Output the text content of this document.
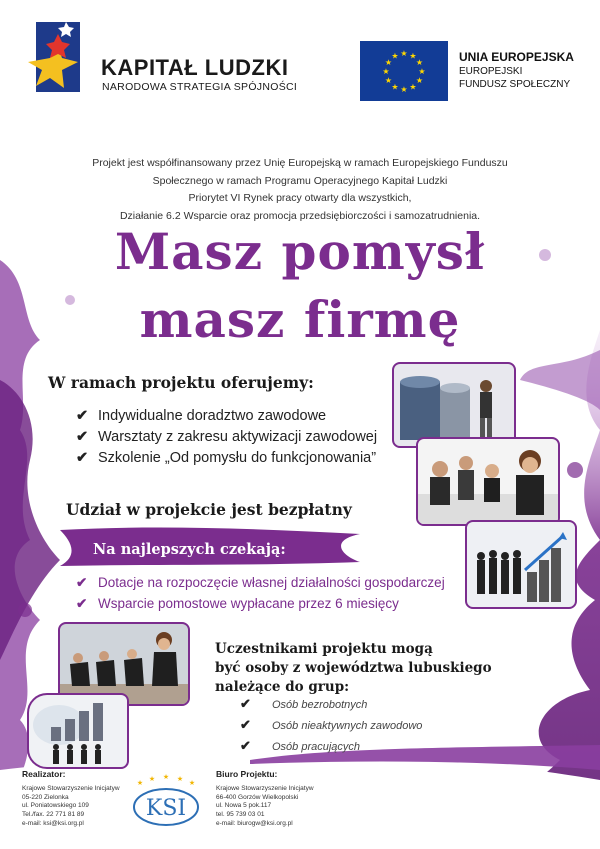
KAPITAŁ LUDZKI
NARODOWA STRATEGIA SPÓJNOŚCI
★ ★
★
★
★
★
★
★
★
★
★
★	UNIA EUROPEJSKA
EUROPEJSKI
FUNDUSZ SPOŁECZNY
Projekt jest współfinansowany przez Unię Europejską w ramach Europejskiego Funduszu
Społecznego w ramach Programu Operacyjnego Kapitał Ludzki
Priorytet VI Rynek pracy otwarty dla wszystkich,
Działanie 6.2 Wsparcie oraz promocja przedsiębiorczości i samozatrudnienia.
Masz pomysł
masz firmę
W ramach projektu oferujemy:
✔ Indywidualne doradztwo zawodowe
✔ Warsztaty z zakresu aktywizacji zawodowej
✔ Szkolenie „Od pomysłu do funkcjonowania”
Udział w projekcie jest bezpłatny
Na najlepszych czekają:
✔ Dotacje na rozpoczęcie własnej działalności gospodarczej
✔ Wsparcie pomostowe wypłacane przez 6 miesięcy
Uczestnikami projektu mogą
być osoby z województwa lubuskiego
należące do grup:
✔ Osób bezrobotnych
✔ Osób nieaktywnych zawodowo
✔ Osób pracujących
Realizator:
Krajowe Stowarzyszenie Inicjatyw
05-220 Zielonka
ul. Poniatowskiego 109
Tel./fax. 22 771 81 89
e-mail: ksi@ksi.org.pl
★ ★ ★ ★ ★
KSI
Biuro Projektu:
Krajowe Stowarzyszenie Inicjatyw
66-400 Gorzów Wielkopolski
ul. Nowa 5 pok.117
tel. 95 739 03 01
e-mail: biurogw@ksi.org.pl
